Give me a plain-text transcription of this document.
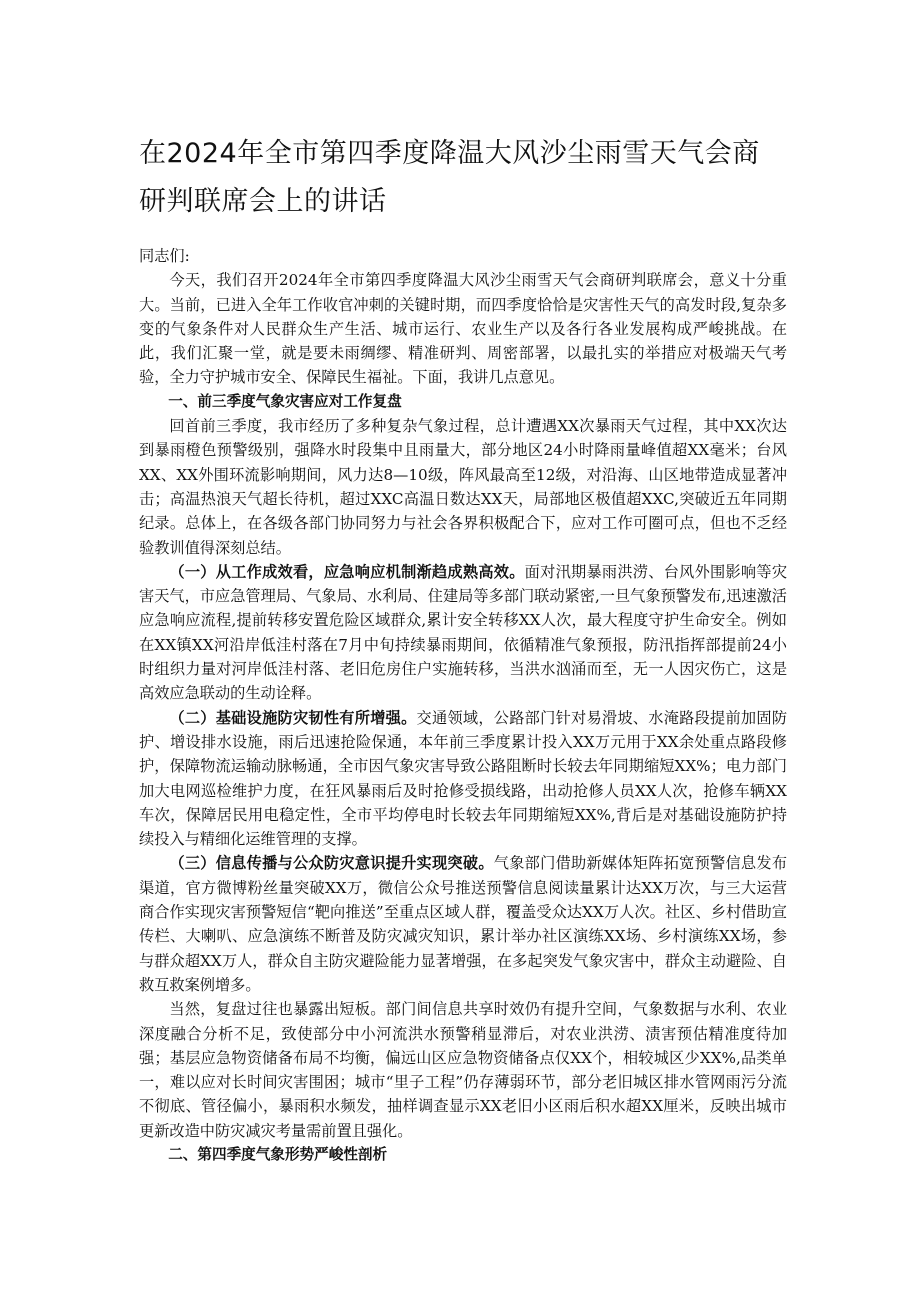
在2024年全市第四季度降温大风沙尘雨雪天气会商研判联席会上的讲话

同志们:

今天，我们召开2024年全市第四季度降温大风沙尘雨雪天气会商研判联席会，意义十分重大。当前，已进入全年工作收官冲刺的关键时期，而四季度恰恰是灾害性天气的高发时段,复杂多变的气象条件对人民群众生产生活、城市运行、农业生产以及各行各业发展构成严峻挑战。在此，我们汇聚一堂，就是要未雨绸缪、精准研判、周密部署，以最扎实的举措应对极端天气考验，全力守护城市安全、保障民生福祉。下面，我讲几点意见。

一、前三季度气象灾害应对工作复盘

回首前三季度，我市经历了多种复杂气象过程，总计遭遇XX次暴雨天气过程，其中XX次达到暴雨橙色预警级别，强降水时段集中且雨量大，部分地区24小时降雨量峰值超XX毫米；台风XX、XX外围环流影响期间，风力达8—10级，阵风最高至12级，对沿海、山区地带造成显著冲击；高温热浪天气超长待机，超过XXC高温日数达XX天，局部地区极值超XXC,突破近五年同期纪录。总体上，在各级各部门协同努力与社会各界积极配合下，应对工作可圈可点，但也不乏经验教训值得深刻总结。

（一）从工作成效看，应急响应机制渐趋成熟高效。面对汛期暴雨洪涝、台风外围影响等灾害天气，市应急管理局、气象局、水利局、住建局等多部门联动紧密,一旦气象预警发布,迅速激活应急响应流程,提前转移安置危险区域群众,累计安全转移XX人次，最大程度守护生命安全。例如在XX镇XX河沿岸低洼村落在7月中旬持续暴雨期间，依循精准气象预报，防汛指挥部提前24小时组织力量对河岸低洼村落、老旧危房住户实施转移，当洪水汹涌而至，无一人因灾伤亡，这是高效应急联动的生动诠释。

（二）基础设施防灾韧性有所增强。交通领域，公路部门针对易滑坡、水淹路段提前加固防护、增设排水设施，雨后迅速抢险保通，本年前三季度累计投入XX万元用于XX余处重点路段修护，保障物流运输动脉畅通，全市因气象灾害导致公路阻断时长较去年同期缩短XX%；电力部门加大电网巡检维护力度，在狂风暴雨后及时抢修受损线路，出动抢修人员XX人次，抢修车辆XX车次，保障居民用电稳定性，全市平均停电时长较去年同期缩短XX%,背后是对基础设施防护持续投入与精细化运维管理的支撑。

（三）信息传播与公众防灾意识提升实现突破。气象部门借助新媒体矩阵拓宽预警信息发布渠道，官方微博粉丝量突破XX万，微信公众号推送预警信息阅读量累计达XX万次，与三大运营商合作实现灾害预警短信“靶向推送”至重点区域人群，覆盖受众达XX万人次。社区、乡村借助宣传栏、大喇叭、应急演练不断普及防灾减灾知识，累计举办社区演练XX场、乡村演练XX场，参与群众超XX万人，群众自主防灾避险能力显著增强，在多起突发气象灾害中，群众主动避险、自救互救案例增多。

当然，复盘过往也暴露出短板。部门间信息共享时效仍有提升空间，气象数据与水利、农业深度融合分析不足，致使部分中小河流洪水预警稍显滞后，对农业洪涝、渍害预估精准度待加强；基层应急物资储备布局不均衡，偏远山区应急物资储备点仅XX个，相较城区少XX%,品类单一，难以应对长时间灾害围困；城市“里子工程”仍存薄弱环节，部分老旧城区排水管网雨污分流不彻底、管径偏小，暴雨积水频发，抽样调查显示XX老旧小区雨后积水超XX厘米，反映出城市更新改造中防灾减灾考量需前置且强化。

二、第四季度气象形势严峻性剖析
